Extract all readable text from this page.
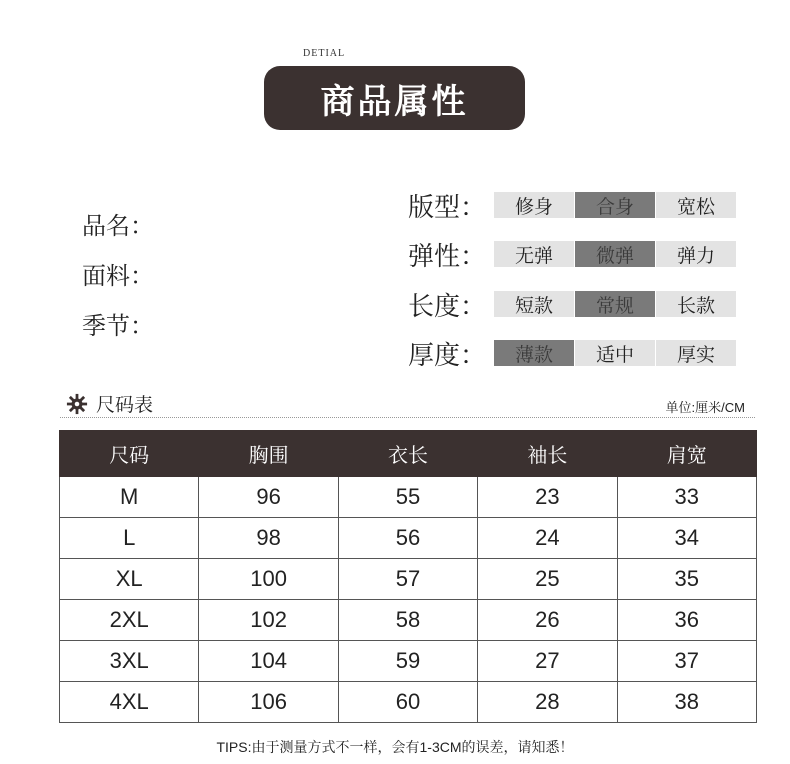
DETIAL
商品属性
品名：
面料：
季节：
版型：	修身	合身	宽松
弹性：	无弹	微弹	弹力
长度：	短款	常规	长款
厚度：	薄款	适中	厚实
尺码表	单位:厘米/CM
尺码	胸围	衣长	袖长	肩宽
M	96	55	23	33
L	98	56	24	34
XL	100	57	25	35
2XL	102	58	26	36
3XL	104	59	27	37
4XL	106	60	28	38
TIPS:由于测量方式不一样，会有1-3CM的误差，请知悉！
